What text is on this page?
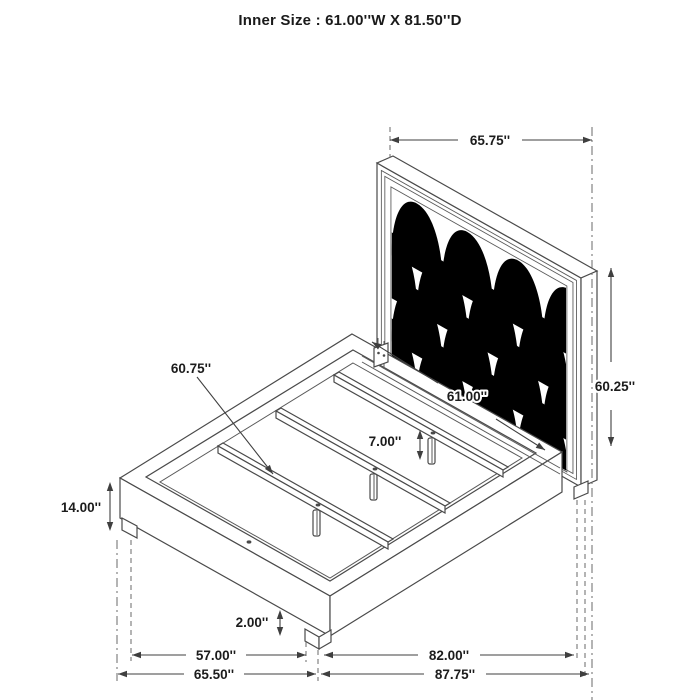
Inner Size : 61.00''W X 81.50''D
65.75''
60.25''
61.00''
60.75''
7.00''
14.00''
2.00''
57.00''	82.00''
65.50''	87.75''
